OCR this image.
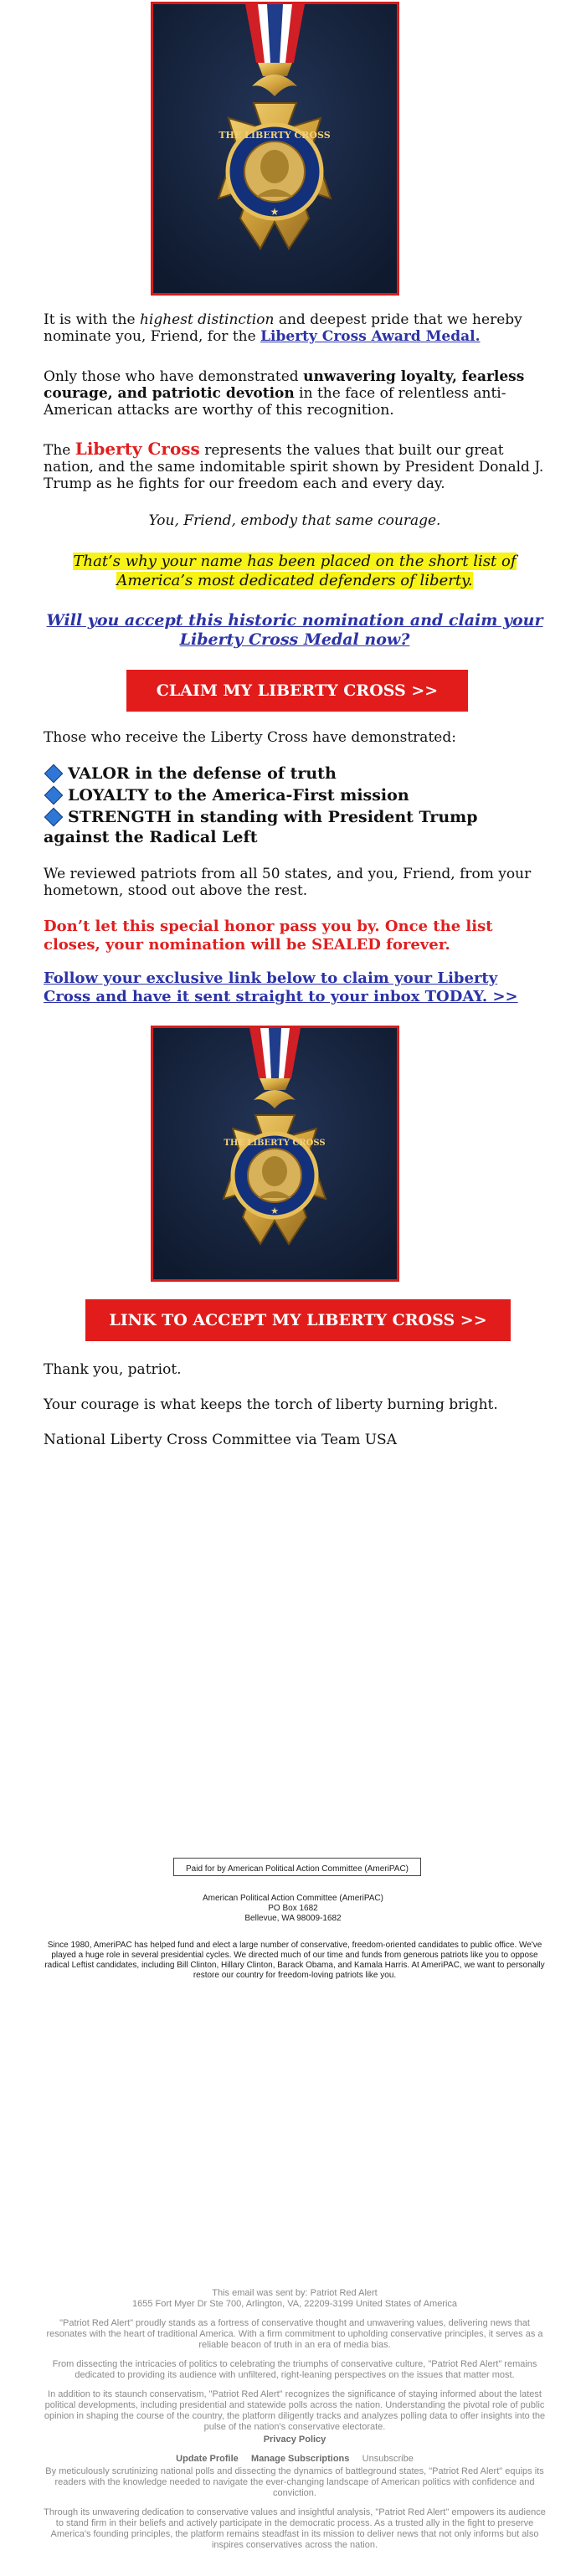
THE LIBERTY CROSS
★

It is with the highest distinction and deepest pride that we hereby nominate you, Friend, for the Liberty Cross Award Medal.

Only those who have demonstrated unwavering loyalty, fearless courage, and patriotic devotion in the face of relentless anti-American attacks are worthy of this recognition.

The Liberty Cross represents the values that built our great nation, and the same indomitable spirit shown by President Donald J. Trump as he fights for our freedom each and every day.

You, Friend, embody that same courage.

That’s why your name has been placed on the short list of America’s most dedicated defenders of liberty.

Will you accept this historic nomination and claim your Liberty Cross Medal now?

CLAIM MY LIBERTY CROSS >>

Those who receive the Liberty Cross have demonstrated:

VALOR in the defense of truth
LOYALTY to the America-First mission
STRENGTH in standing with President Trump against the Radical Left

We reviewed patriots from all 50 states, and you, Friend, from your hometown, stood out above the rest.

Don’t let this special honor pass you by. Once the list closes, your nomination will be SEALED forever.

Follow your exclusive link below to claim your Liberty Cross and have it sent straight to your inbox TODAY. >>

THE LIBERTY CROSS
★
LINK TO ACCEPT MY LIBERTY CROSS >>

Thank you, patriot.

Your courage is what keeps the torch of liberty burning bright.

National Liberty Cross Committee via Team USA

Paid for by American Political Action Committee (AmeriPAC)
American Political Action Committee (AmeriPAC)
PO Box 1682
Bellevue, WA 98009-1682
Since 1980, AmeriPAC has helped fund and elect a large number of conservative, freedom-oriented candidates to public office. We've played a huge role in several presidential cycles. We directed much of our time and funds from generous patriots like you to oppose radical Leftist candidates, including Bill Clinton, Hillary Clinton, Barack Obama, and Kamala Harris. At AmeriPAC, we want to personally restore our country for freedom-loving patriots like you.
This email was sent by: Patriot Red Alert
1655 Fort Myer Dr Ste 700, Arlington, VA, 22209-3199 United States of America
"Patriot Red Alert" proudly stands as a fortress of conservative thought and unwavering values, delivering news that resonates with the heart of traditional America. With a firm commitment to upholding conservative principles, it serves as a reliable beacon of truth in an era of media bias.
From dissecting the intricacies of politics to celebrating the triumphs of conservative culture, "Patriot Red Alert" remains dedicated to providing its audience with unfiltered, right-leaning perspectives on the issues that matter most.
In addition to its staunch conservatism, "Patriot Red Alert" recognizes the significance of staying informed about the latest political developments, including presidential and statewide polls across the nation. Understanding the pivotal role of public opinion in shaping the course of the country, the platform diligently tracks and analyzes polling data to offer insights into the pulse of the nation's conservative electorate.
Privacy Policy
Update Profile Manage Subscriptions Unsubscribe
By meticulously scrutinizing national polls and dissecting the dynamics of battleground states, "Patriot Red Alert" equips its readers with the knowledge needed to navigate the ever-changing landscape of American politics with confidence and conviction.
Through its unwavering dedication to conservative values and insightful analysis, "Patriot Red Alert" empowers its audience to stand firm in their beliefs and actively participate in the democratic process. As a trusted ally in the fight to preserve America's founding principles, the platform remains steadfast in its mission to deliver news that not only informs but also inspires conservatives across the nation.
